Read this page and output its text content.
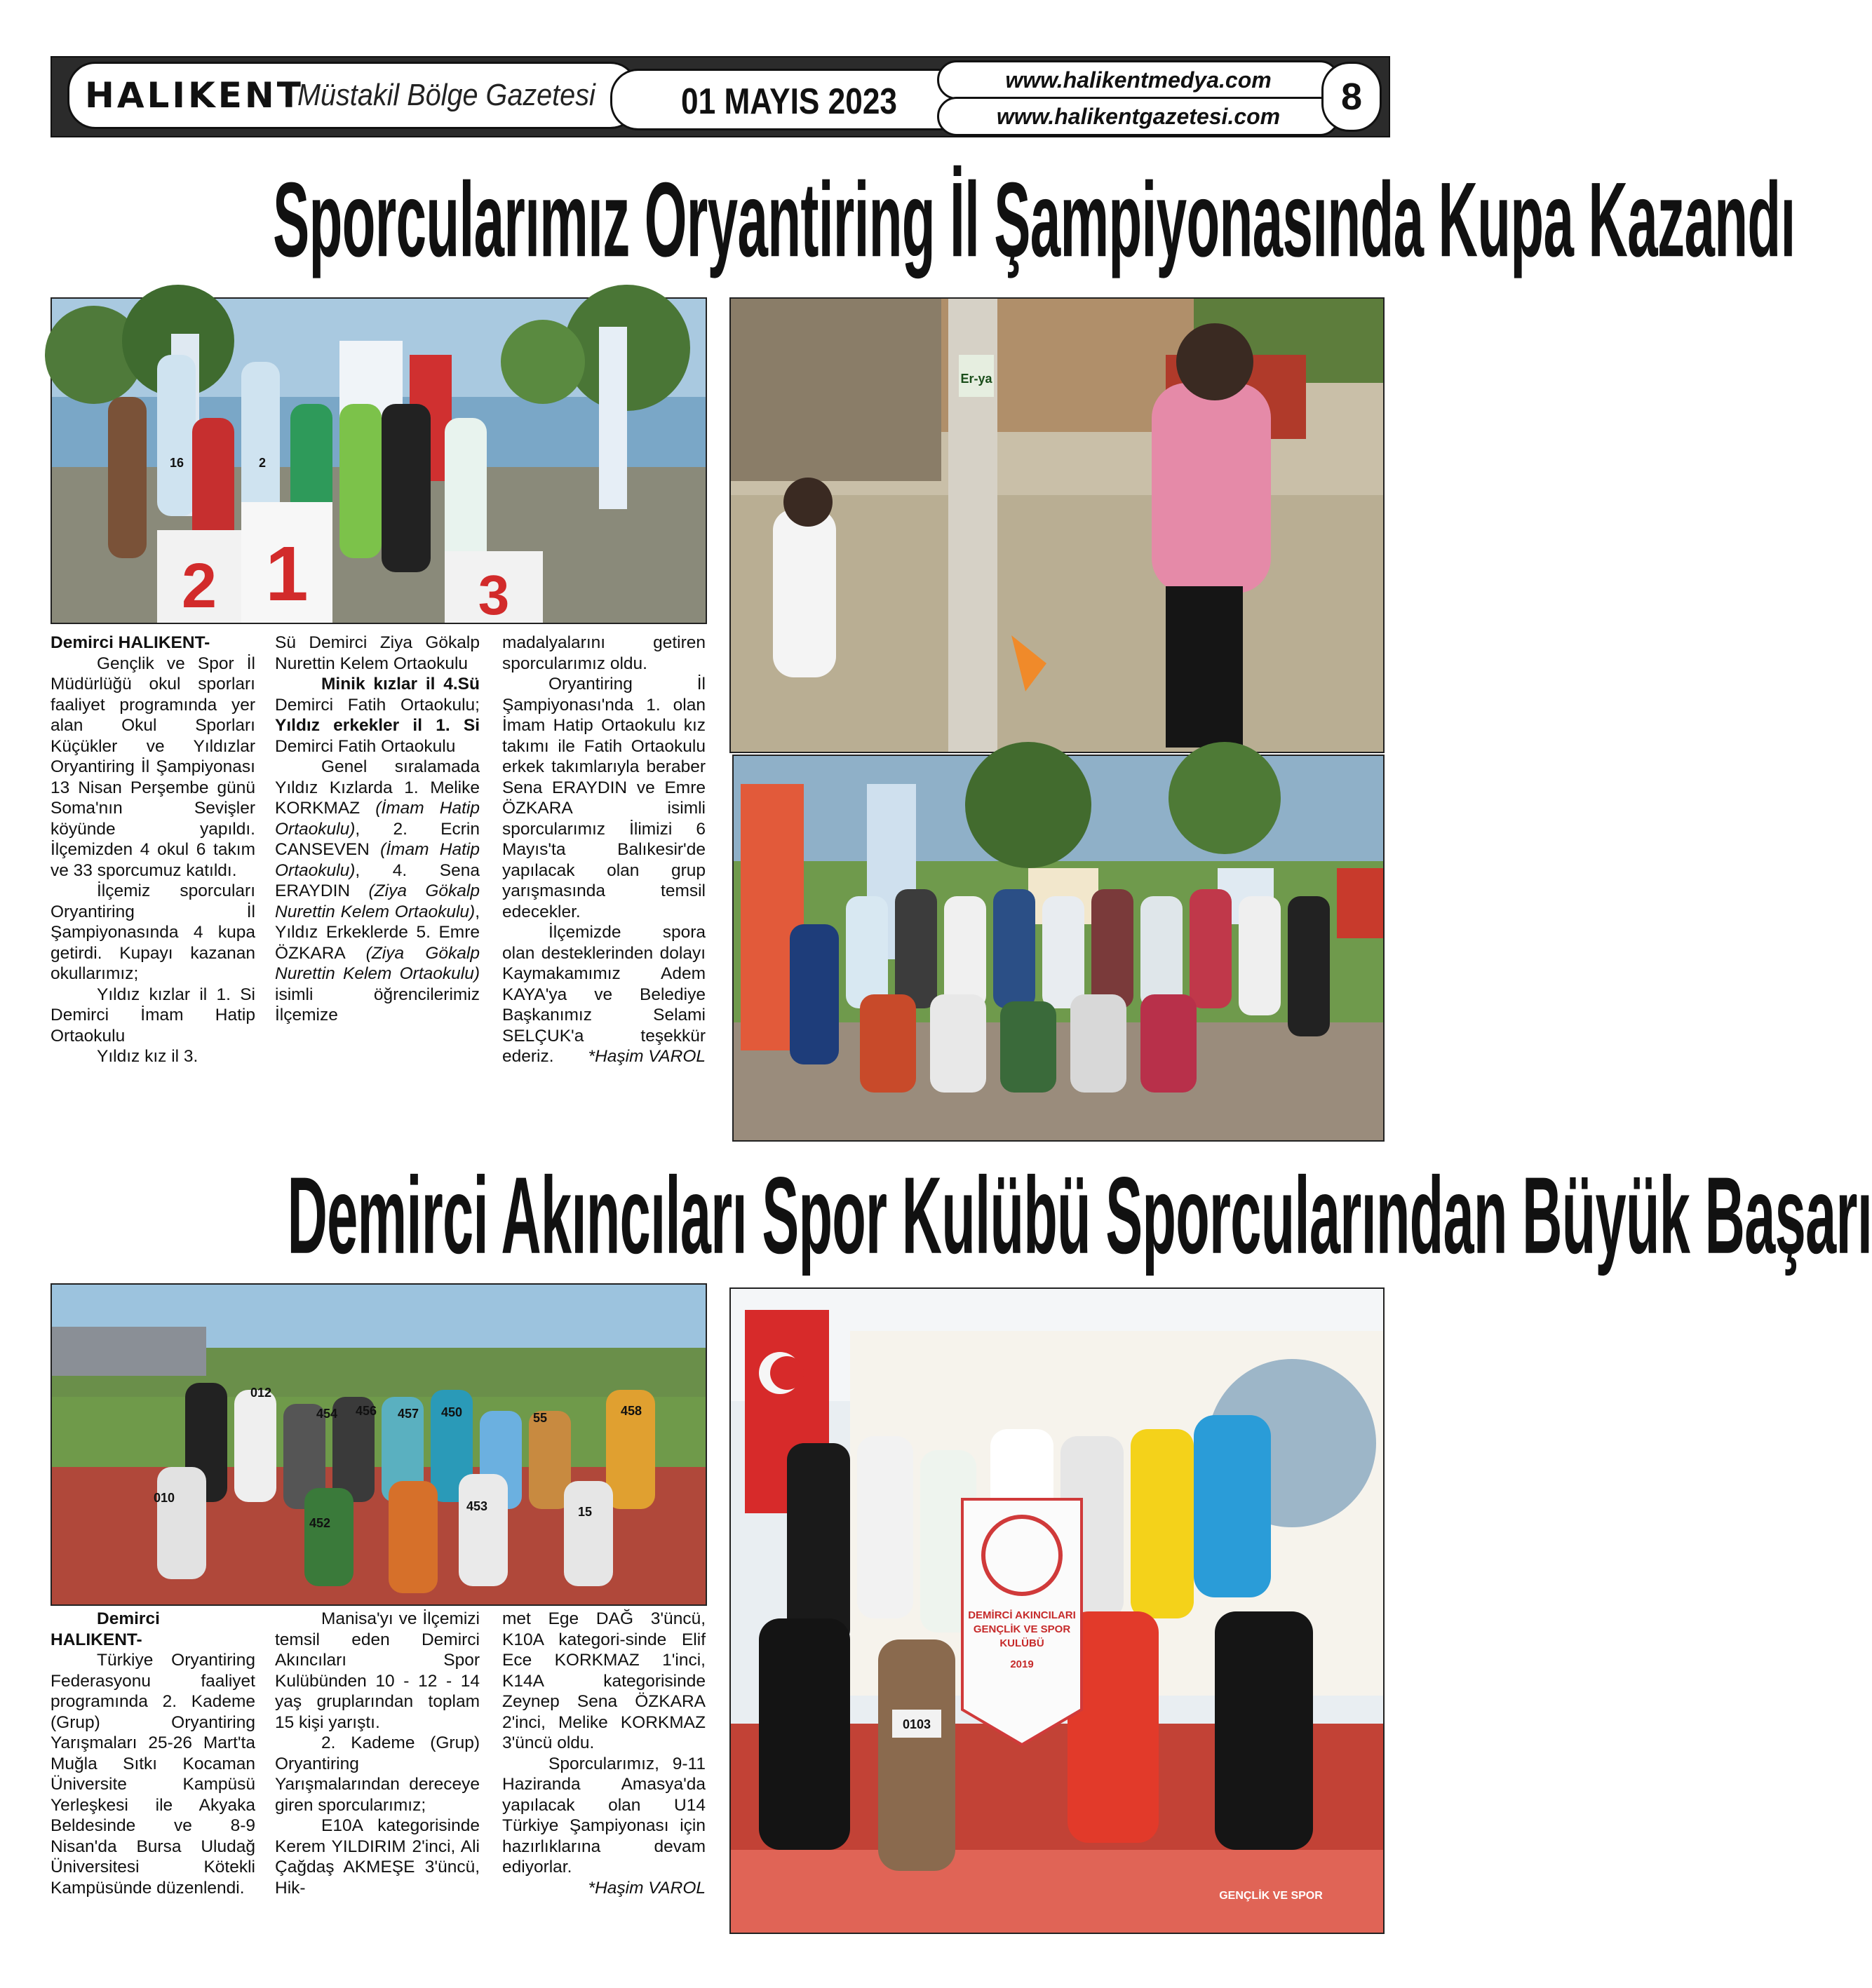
HALIKENT
Müstakil Bölge Gazetesi	01 MAYIS 2023
www.halikentmedya.com
www.halikentgazetesi.com	8
Sporcularımız Oryantiring İl Şampiyonasında Kupa Kazandı
2 1	3
16	2
Er-ya

Demirci HALIKENT-

Gençlik ve Spor İl Müdürlüğü okul sporları faaliyet programında yer alan Okul Sporları Küçükler ve Yıldızlar Oryantiring İl Şampiyonası 13 Nisan Perşembe günü Soma'nın Sevişler köyünde yapıldı. İlçemizden 4 okul 6 takım ve 33 sporcumuz katıldı.

İlçemiz sporcuları Oryantiring İl Şampiyonasında 4 kupa getirdi. Kupayı kazanan okullarımız;

Yıldız kızlar il 1. Si Demirci İmam Hatip Ortaokulu

Yıldız kız il 3.

Sü Demirci Ziya Gökalp Nurettin Kelem Ortaokulu

Minik kızlar il 4.Sü Demirci Fatih Ortaokulu; Yıldız erkekler il 1. Si Demirci Fatih Ortaokulu

Genel sıralamada Yıldız Kızlarda 1. Melike KORKMAZ (İmam Hatip Ortaokulu), 2. Ecrin CANSEVEN (İmam Hatip Ortaokulu), 4. Sena ERAYDIN (Ziya Gökalp Nurettin Kelem Ortaokulu), Yıldız Erkeklerde 5. Emre ÖZKARA (Ziya Gökalp Nurettin Kelem Ortaokulu) isimli öğrencilerimiz İlçemize

madalyalarını getiren sporcularımız oldu.

Oryantiring İl Şampiyonası'nda 1. olan İmam Hatip Ortaokulu kız takımı ile Fatih Ortaokulu erkek takımlarıyla beraber Sena ERAYDIN ve Emre ÖZKARA isimli sporcularımız İlimizi 6 Mayıs'ta Balıkesir'de yapılacak olan grup yarışmasında temsil edecekler.

İlçemizde spora olan desteklerinden dolayı Kaymakamımız Adem KAYA'ya ve Belediye Başkanımız Selami SELÇUK'a teşekkür ederiz.	*Haşim VAROL

Demirci Akıncıları Spor Kulübü Sporcularından Büyük Başarı
012
454 456 457 450	55	458
010
452
453	15
DEMİRCİ AKINCILARI
GENÇLİK VE SPOR
KULÜBÜ
2019
0103
GENÇLİK VE SPOR

Demirci HALIKENT-

Türkiye Oryantiring Federasyonu faaliyet programında 2. Kademe (Grup) Oryantiring Yarışmaları 25-26 Mart'ta Muğla Sıtkı Kocaman Üniversite Kampüsü Yerleşkesi ile Akyaka Beldesinde ve 8-9 Nisan'da Bursa Uludağ Üniversitesi Kötekli Kampüsünde düzenlendi.

Manisa'yı ve İlçemizi temsil eden Demirci Akıncıları Spor Kulübünden 10 - 12 - 14 yaş gruplarından toplam 15 kişi yarıştı.

2. Kademe (Grup) Oryantiring Yarışmalarından dereceye giren sporcularımız;

E10A kategorisinde Kerem YILDIRIM 2'inci, Ali Çağdaş AKMEŞE 3'üncü, Hik-

met Ege DAĞ 3'üncü, K10A kategori-sinde Elif Ece KORKMAZ 1'inci, K14A kategorisinde Zeynep Sena ÖZKARA 2'inci, Melike KORKMAZ 3'üncü oldu.

Sporcularımız, 9-11 Haziranda Amasya'da yapılacak olan U14 Türkiye Şampiyonası için hazırlıklarına devam ediyorlar.

*Haşim VAROL
